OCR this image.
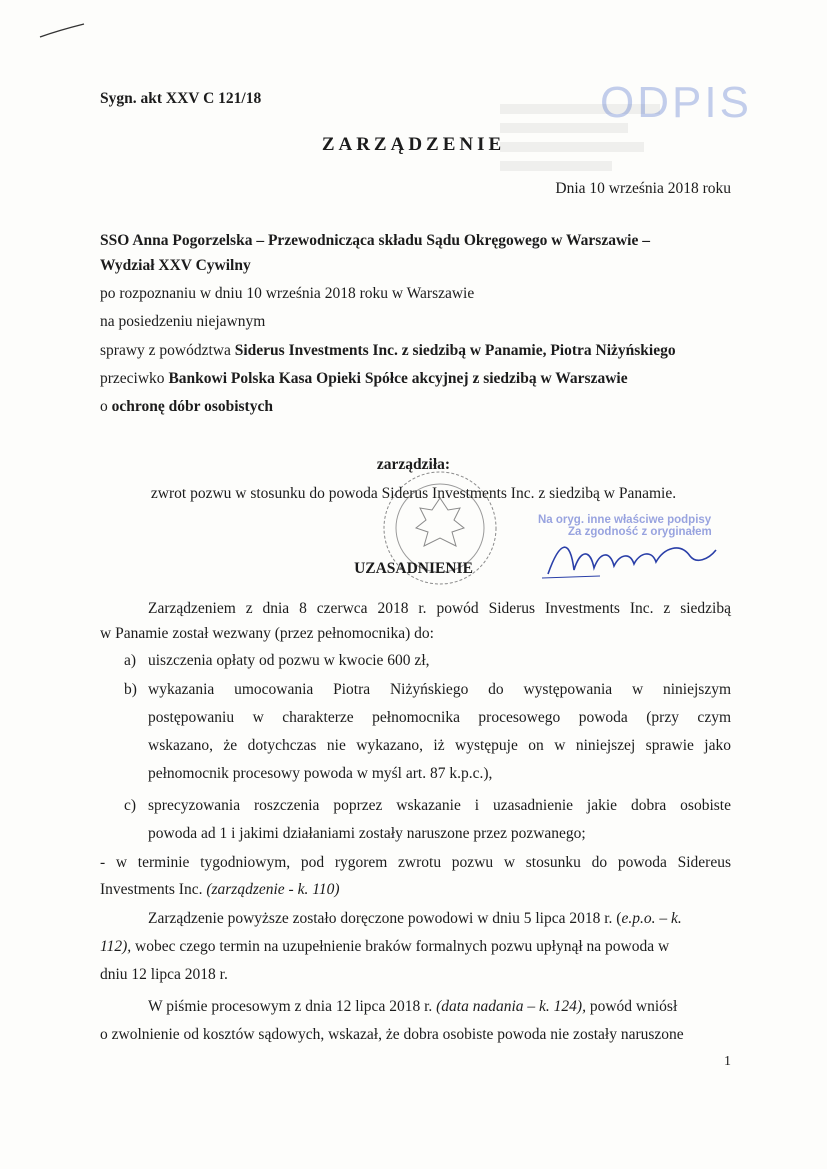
ODPIS
Sygn. akt XXV C 121/18
ZARZĄDZENIE
Dnia 10 września 2018 roku
SSO Anna Pogorzelska – Przewodnicząca składu Sądu Okręgowego w Warszawie –
Wydział XXV Cywilny
po rozpoznaniu w dniu 10 września 2018 roku w Warszawie
na posiedzeniu niejawnym
sprawy z powództwa Siderus Investments Inc. z siedzibą w Panamie, Piotra Niżyńskiego
przeciwko Bankowi Polska Kasa Opieki Spółce akcyjnej z siedzibą w Warszawie
o ochronę dóbr osobistych
zarządziła:
zwrot pozwu w stosunku do powoda Siderus Investments Inc. z siedzibą w Panamie.
Na oryg. inne właściwe podpisy
Za zgodność z oryginałem
UZASADNIENIE
Zarządzeniem z dnia 8 czerwca 2018 r. powód Siderus Investments Inc. z siedzibą
w Panamie został wezwany (przez pełnomocnika) do:
a) uiszczenia opłaty od pozwu w kwocie 600 zł,
b) wykazania umocowania Piotra Niżyńskiego do występowania w niniejszym
postępowaniu w charakterze pełnomocnika procesowego powoda (przy czym
wskazano, że dotychczas nie wykazano, iż występuje on w niniejszej sprawie jako
pełnomocnik procesowy powoda w myśl art. 87 k.p.c.),
c) sprecyzowania roszczenia poprzez wskazanie i uzasadnienie jakie dobra osobiste
powoda ad 1 i jakimi działaniami zostały naruszone przez pozwanego;
- w terminie tygodniowym, pod rygorem zwrotu pozwu w stosunku do powoda Sidereus
Investments Inc. (zarządzenie - k. 110)
Zarządzenie powyższe zostało doręczone powodowi w dniu 5 lipca 2018 r. (e.p.o. – k.
112), wobec czego termin na uzupełnienie braków formalnych pozwu upłynął na powoda w
dniu 12 lipca 2018 r.
W piśmie procesowym z dnia 12 lipca 2018 r. (data nadania – k. 124), powód wniósł
o zwolnienie od kosztów sądowych, wskazał, że dobra osobiste powoda nie zostały naruszone
1
